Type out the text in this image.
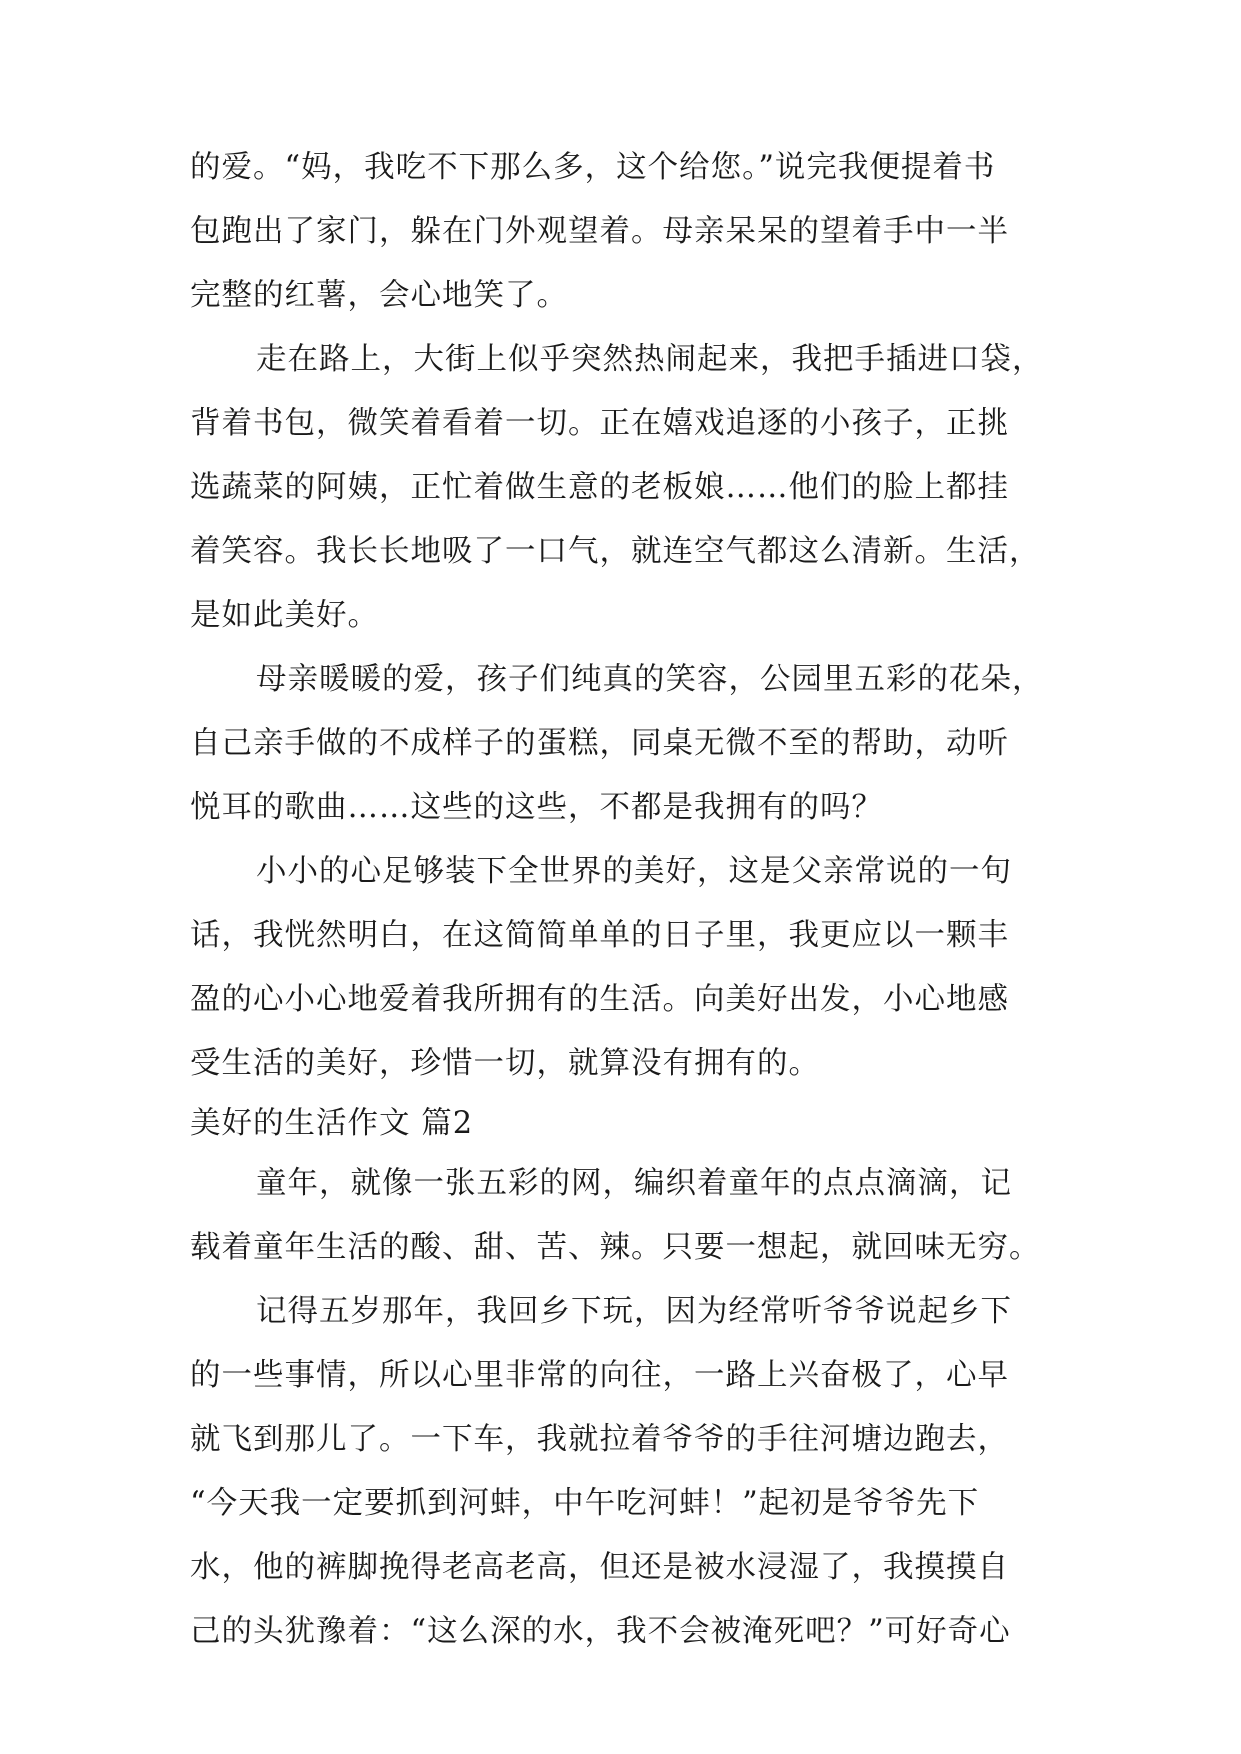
的爱。“妈，我吃不下那么多，这个给您。”说完我便提着书
包跑出了家门，躲在门外观望着。母亲呆呆的望着手中一半
完整的红薯，会心地笑了。
走在路上，大街上似乎突然热闹起来，我把手插进口袋，
背着书包，微笑着看着一切。正在嬉戏追逐的小孩子，正挑
选蔬菜的阿姨，正忙着做生意的老板娘……他们的脸上都挂
着笑容。我长长地吸了一口气，就连空气都这么清新。生活，
是如此美好。
母亲暖暖的爱，孩子们纯真的笑容，公园里五彩的花朵，
自己亲手做的不成样子的蛋糕，同桌无微不至的帮助，动听
悦耳的歌曲……这些的这些，不都是我拥有的吗？
小小的心足够装下全世界的美好，这是父亲常说的一句
话，我恍然明白，在这简简单单的日子里，我更应以一颗丰
盈的心小心地爱着我所拥有的生活。向美好出发，小心地感
受生活的美好，珍惜一切，就算没有拥有的。
美好的生活作文 篇2
童年，就像一张五彩的网，编织着童年的点点滴滴，记
载着童年生活的酸、甜、苦、辣。只要一想起，就回味无穷。
记得五岁那年，我回乡下玩，因为经常听爷爷说起乡下
的一些事情，所以心里非常的向往，一路上兴奋极了，心早
就飞到那儿了。一下车，我就拉着爷爷的手往河塘边跑去，
“今天我一定要抓到河蚌，中午吃河蚌！”起初是爷爷先下
水，他的裤脚挽得老高老高，但还是被水浸湿了，我摸摸自
己的头犹豫着：“这么深的水，我不会被淹死吧？”可好奇心
